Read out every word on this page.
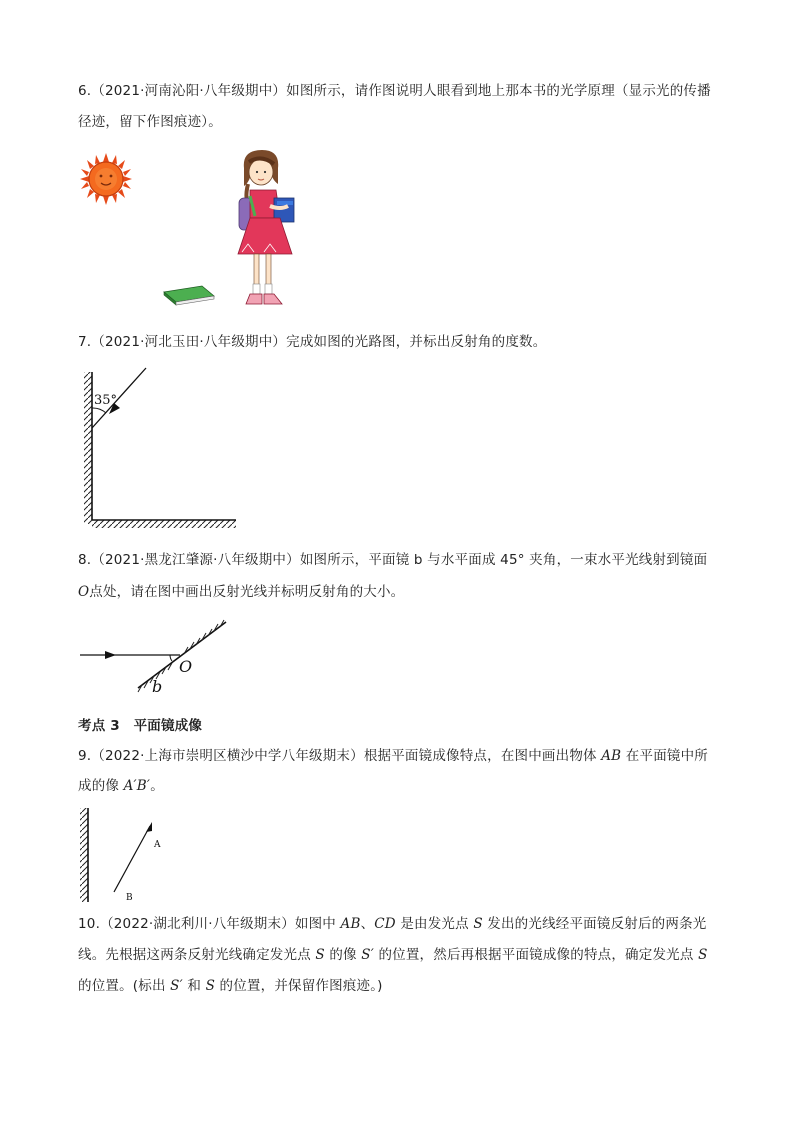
6.（2021·河南沁阳·八年级期中）如图所示，请作图说明人眼看到地上那本书的光学原理（显示光的传播
径迹，留下作图痕迹）。
7.（2021·河北玉田·八年级期中）完成如图的光路图，并标出反射角的度数。
35°
8.（2021·黑龙江肇源·八年级期中）如图所示，平面镜 b 与水平面成 45° 夹角，一束水平光线射到镜面
O点处，请在图中画出反射光线并标明反射角的大小。
O
b
考点 3　平面镜成像
9.（2022·上海市崇明区横沙中学八年级期末）根据平面镜成像特点，在图中画出物体 AB 在平面镜中所
成的像 A′B′。
A
B
10.（2022·湖北利川·八年级期末）如图中 AB、CD 是由发光点 S 发出的光线经平面镜反射后的两条光
线。先根据这两条反射光线确定发光点 S 的像 S′ 的位置，然后再根据平面镜成像的特点，确定发光点 S
的位置。(标出 S′ 和 S 的位置，并保留作图痕迹。)
